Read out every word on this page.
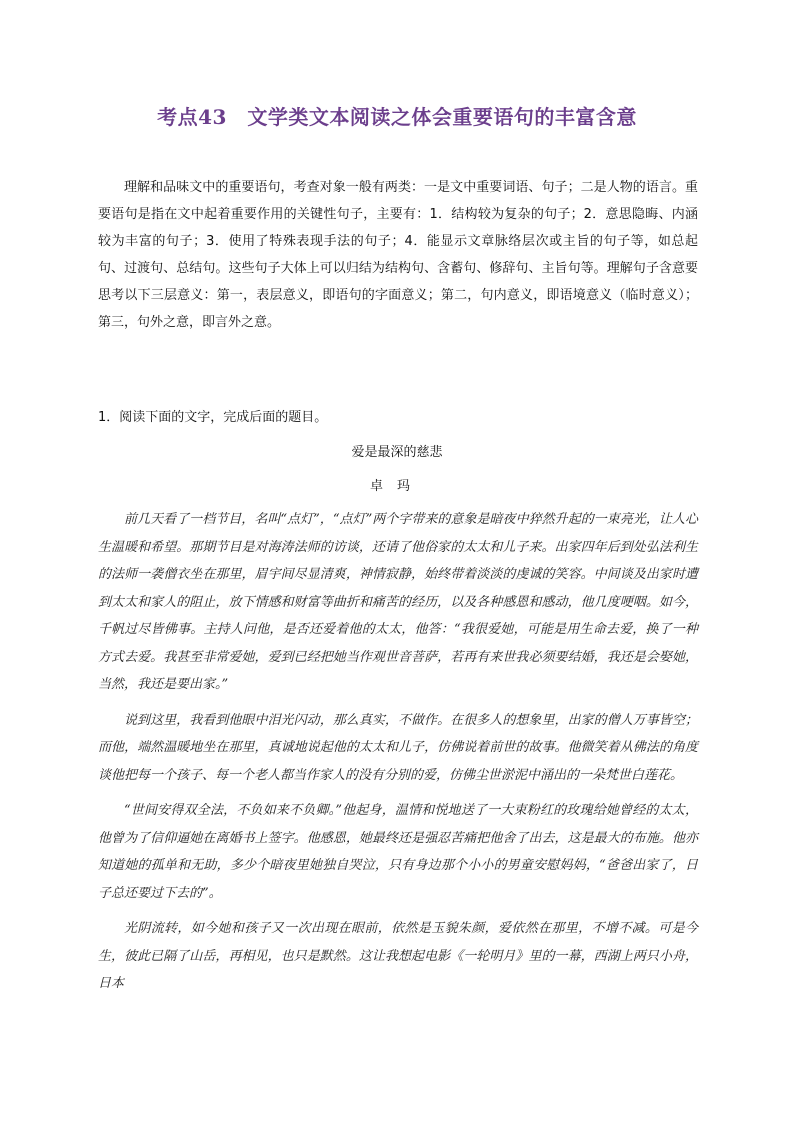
考点43　文学类文本阅读之体会重要语句的丰富含意

理解和品味文中的重要语句，考查对象一般有两类：一是文中重要词语、句子；二是人物的语言。重要语句是指在文中起着重要作用的关键性句子，主要有：1．结构较为复杂的句子；2．意思隐晦、内涵较为丰富的句子；3．使用了特殊表现手法的句子；4．能显示文章脉络层次或主旨的句子等，如总起句、过渡句、总结句。这些句子大体上可以归结为结构句、含蓄句、修辞句、主旨句等。理解句子含意要思考以下三层意义：第一，表层意义，即语句的字面意义；第二，句内意义，即语境意义（临时意义）；第三，句外之意，即言外之意。

1．阅读下面的文字，完成后面的题目。

爱是最深的慈悲

卓玛

前几天看了一档节目，名叫“点灯”，“点灯”两个字带来的意象是暗夜中猝然升起的一束亮光，让人心生温暖和希望。那期节目是对海涛法师的访谈，还请了他俗家的太太和儿子来。出家四年后到处弘法利生的法师一袭僧衣坐在那里，眉宇间尽显清爽，神情寂静，始终带着淡淡的虔诚的笑容。中间谈及出家时遭到太太和家人的阻止，放下情感和财富等曲折和痛苦的经历，以及各种感恩和感动，他几度哽咽。如今，千帆过尽皆佛事。主持人问他，是否还爱着他的太太，他答：“我很爱她，可能是用生命去爱，换了一种方式去爱。我甚至非常爱她，爱到已经把她当作观世音菩萨，若再有来世我必须要结婚，我还是会娶她，当然，我还是要出家。”

说到这里，我看到他眼中泪光闪动，那么真实，不做作。在很多人的想象里，出家的僧人万事皆空；而他，端然温暖地坐在那里，真诚地说起他的太太和儿子，仿佛说着前世的故事。他微笑着从佛法的角度谈他把每一个孩子、每一个老人都当作家人的没有分别的爱，仿佛尘世淤泥中涌出的一朵梵世白莲花。

“世间安得双全法，不负如来不负卿。”他起身，温情和悦地送了一大束粉红的玫瑰给她曾经的太太，他曾为了信仰逼她在离婚书上签字。他感恩，她最终还是强忍苦痛把他舍了出去，这是最大的布施。他亦知道她的孤单和无助，多少个暗夜里她独自哭泣，只有身边那个小小的男童安慰妈妈，“爸爸出家了，日子总还要过下去的”。

光阴流转，如今她和孩子又一次出现在眼前，依然是玉貌朱颜，爱依然在那里，不增不减。可是今生，彼此已隔了山岳，再相见，也只是默然。这让我想起电影《一轮明月》里的一幕，西湖上两只小舟，日本
